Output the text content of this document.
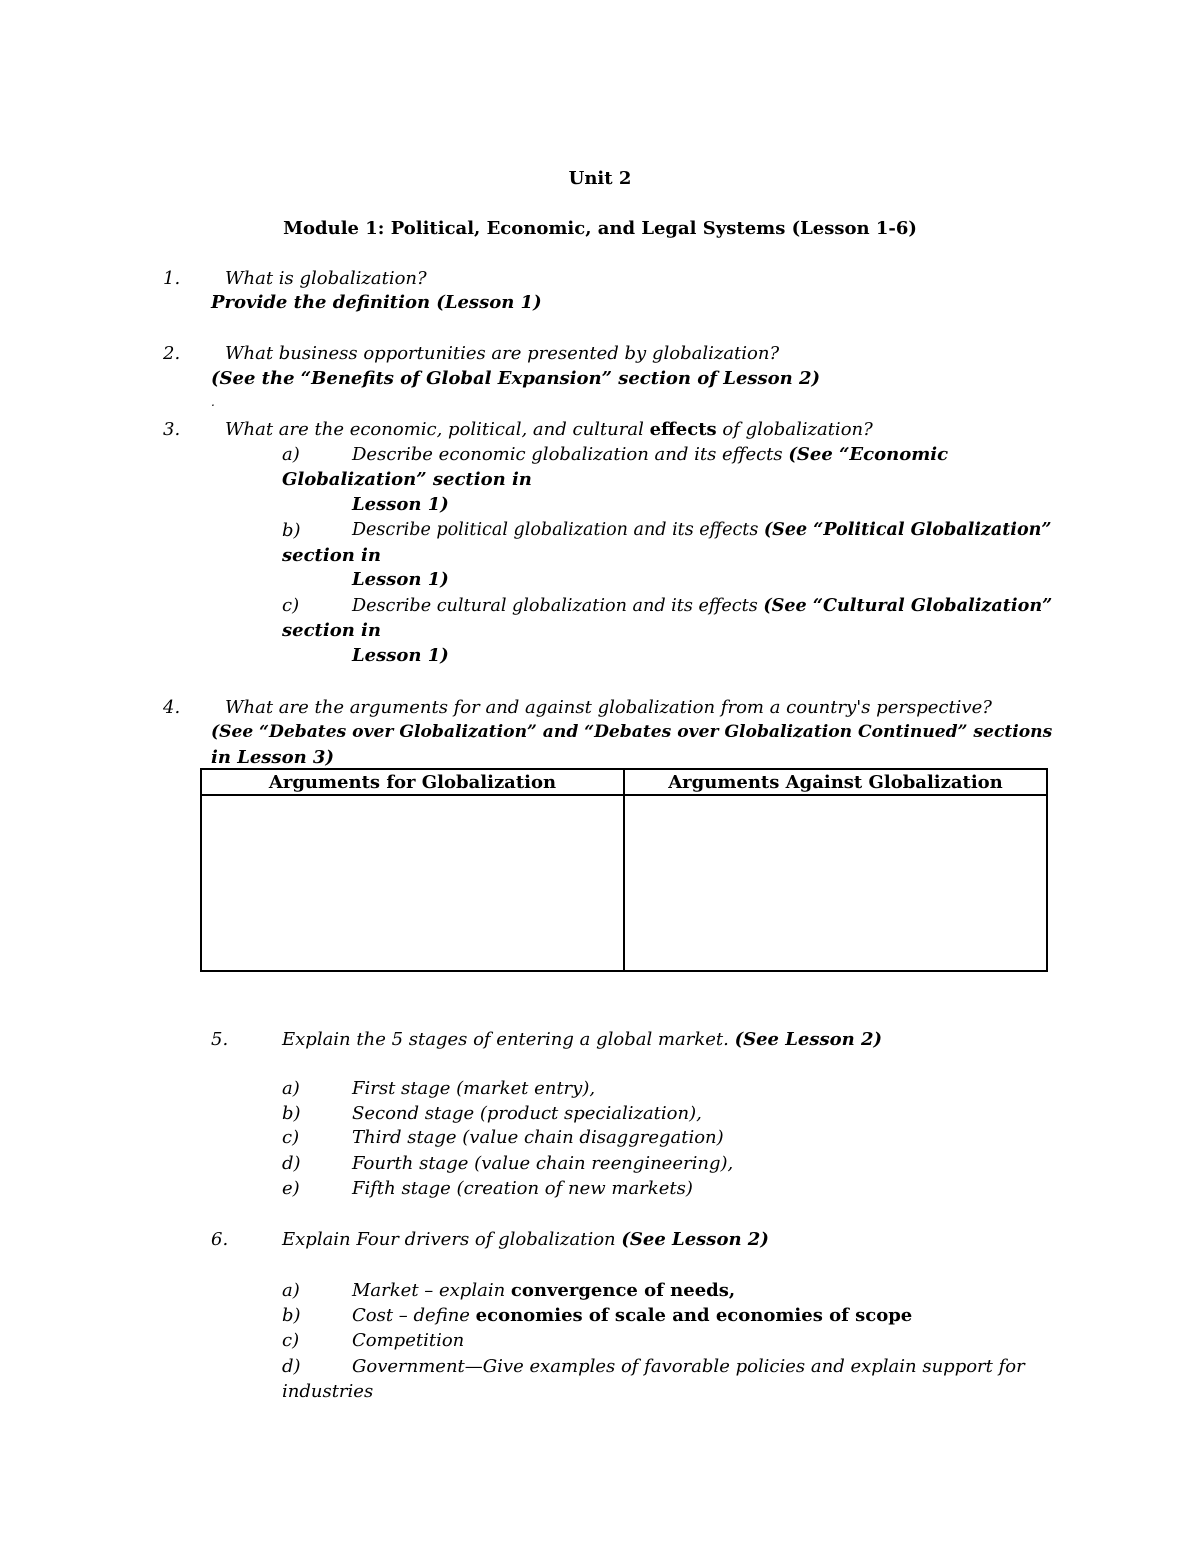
Unit 2
Module 1: Political, Economic, and Legal Systems (Lesson 1-6)
1. What is globalization?
Provide the definition (Lesson 1)
2. What business opportunities are presented by globalization?
(See the “Benefits of Global Expansion” section of Lesson 2)
.
3. What are the economic, political, and cultural effects of globalization?
a)	Describe economic globalization and its effects (See “Economic
Globalization” section in
Lesson 1)
b)	Describe political globalization and its effects (See “Political Globalization”
section in
Lesson 1)
c)	Describe cultural globalization and its effects (See “Cultural Globalization”
section in
Lesson 1)
4. What are the arguments for and against globalization from a country's perspective?
(See “Debates over Globalization” and “Debates over Globalization Continued” sections
in Lesson 3)
Arguments for Globalization	Arguments Against Globalization

5.	Explain the 5 stages of entering a global market. (See Lesson 2)
a)	First stage (market entry),
b)	Second stage (product specialization),
c)	Third stage (value chain disaggregation)
d)	Fourth stage (value chain reengineering),
e)	Fifth stage (creation of new markets)
6.	Explain Four drivers of globalization (See Lesson 2)
a)	Market – explain convergence of needs,
b)	Cost – define economies of scale and economies of scope
c)	Competition
d)	Government—Give examples of favorable policies and explain support for
industries
